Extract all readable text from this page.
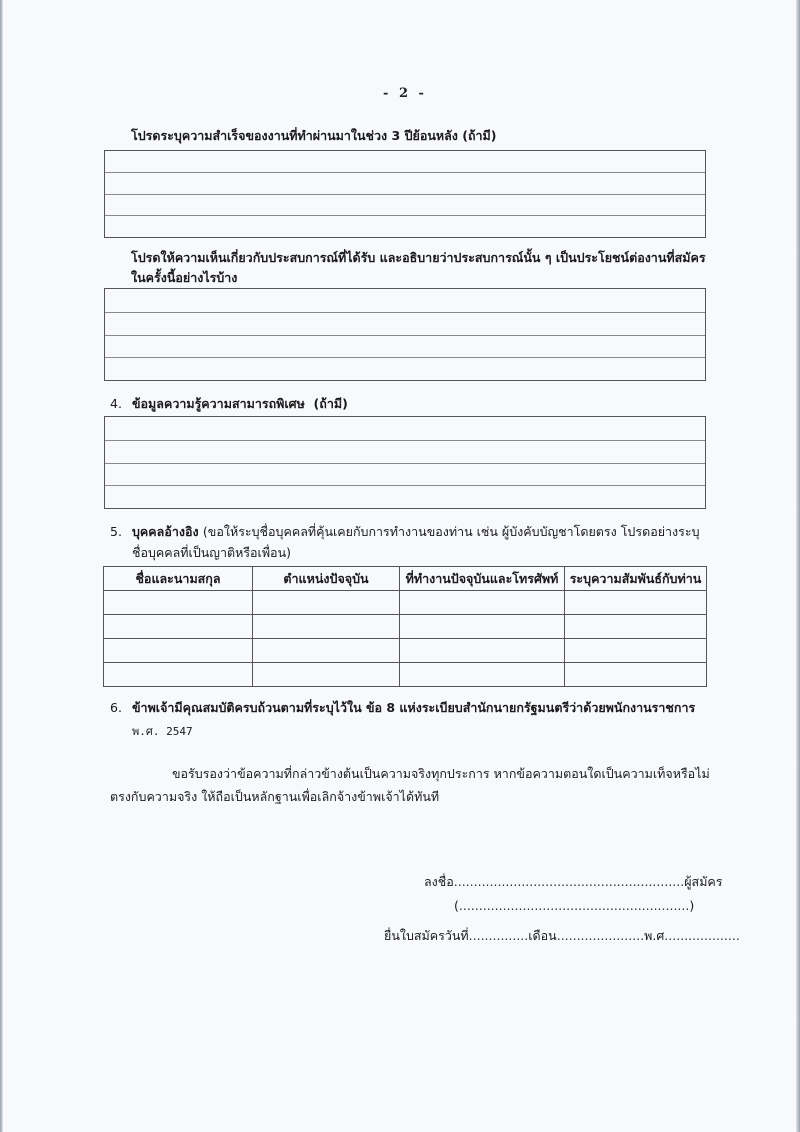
- 2 -
โปรดระบุความสำเร็จของงานที่ทำผ่านมาในช่วง 3 ปีย้อนหลัง (ถ้ามี)
โปรดให้ความเห็นเกี่ยวกับประสบการณ์ที่ได้รับ และอธิบายว่าประสบการณ์นั้น ๆ เป็นประโยชน์ต่องานที่สมัคร
ในครั้งนี้อย่างไรบ้าง
4. ข้อมูลความรู้ความสามารถพิเศษ (ถ้ามี)
5. บุคคลอ้างอิง (ขอให้ระบุชื่อบุคคลที่คุ้นเคยกับการทำงานของท่าน เช่น ผู้บังคับบัญชาโดยตรง โปรดอย่างระบุ
ชื่อบุคคลที่เป็นญาติหรือเพื่อน)
ชื่อและนามสกุล	ตำแหน่งปัจจุบัน	ที่ทำงานปัจจุบันและโทรศัพท์	ระบุความสัมพันธ์กับท่าน

6. ข้าพเจ้ามีคุณสมบัติครบถ้วนตามที่ระบุไว้ใน ข้อ 8 แห่งระเบียบสำนักนายกรัฐมนตรีว่าด้วยพนักงานราชการ
พ.ศ. 2547
ขอรับรองว่าข้อความที่กล่าวข้างต้นเป็นความจริงทุกประการ หากข้อความตอนใดเป็นความเท็จหรือไม่
ตรงกับความจริง ให้ถือเป็นหลักฐานเพื่อเลิกจ้างข้าพเจ้าได้ทันที
ลงชื่อ..........................................................ผู้สมัคร
(..........................................................)
ยื่นใบสมัครวันที่...............เดือน......................พ.ศ...................
